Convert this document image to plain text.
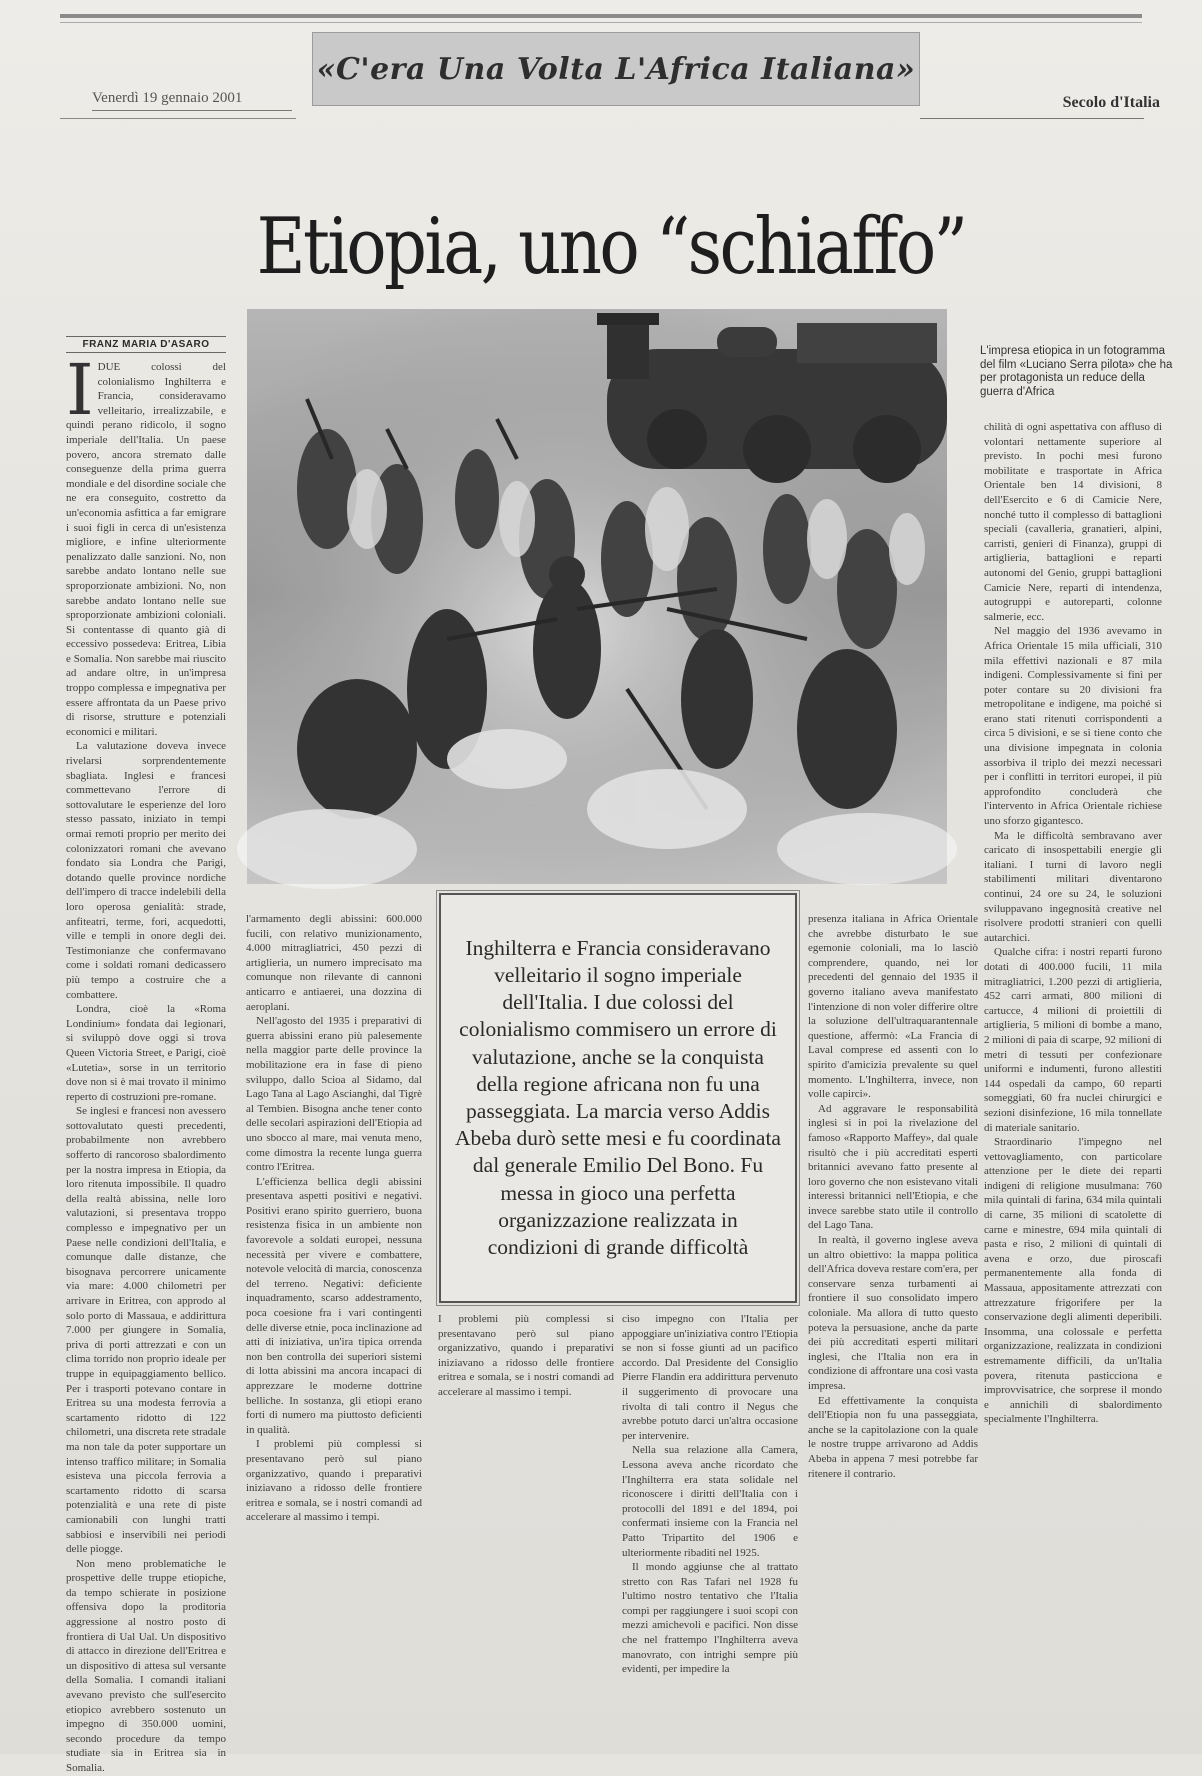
«C'era Una Volta L'Africa Italiana»
Venerdì 19 gennaio 2001	Secolo d'Italia
Etiopia, uno “schiaffo”
FRANZ MARIA D'ASARO
I DUE colossi del colonialismo Inghilterra e Francia, consideravamo velleitario, irrealizzabile, e quindi perano ridicolo, il sogno imperiale dell'Italia. Un paese povero, ancora stremato dalle conseguenze della prima guerra mondiale e del disordine sociale che ne era conseguito, costretto da un'economia asfittica a far emigrare i suoi figli in cerca di un'esistenza migliore, e infine ulteriormente penalizzato dalle sanzioni. No, non sarebbe andato lontano nelle sue sproporzionate ambizioni. No, non sarebbe andato lontano nelle sue sproporzionate ambizioni coloniali. Si contentasse di quanto già di eccessivo possedeva: Eritrea, Libia e Somalia. Non sarebbe mai riuscito ad andare oltre, in un'impresa troppo complessa e impegnativa per essere affrontata da un Paese privo di risorse, strutture e potenziali economici e militari.

La valutazione doveva invece rivelarsi sorprendentemente sbagliata. Inglesi e francesi commettevano l'errore di sottovalutare le esperienze del loro stesso passato, iniziato in tempi ormai remoti proprio per merito dei colonizzatori romani che avevano fondato sia Londra che Parigi, dotando quelle province nordiche dell'impero di tracce indelebili della loro operosa genialità: strade, anfiteatri, terme, fori, acquedotti, ville e templi in onore degli dei. Testimonianze che confermavano come i soldati romani dedicassero più tempo a costruire che a combattere.

Londra, cioè la «Roma Londinium» fondata dai legionari, si sviluppò dove oggi si trova Queen Victoria Street, e Parigi, cioè «Lutetia», sorse in un territorio dove non si è mai trovato il minimo reperto di costruzioni pre-romane.

Se inglesi e francesi non avessero sottovalutato questi precedenti, probabilmente non avrebbero sofferto di rancoroso sbalordimento per la nostra impresa in Etiopia, da loro ritenuta impossibile. Il quadro della realtà abissina, nelle loro valutazioni, si presentava troppo complesso e impegnativo per un Paese nelle condizioni dell'Italia, e comunque dalle distanze, che bisognava percorrere unicamente via mare: 4.000 chilometri per arrivare in Eritrea, con approdo al solo porto di Massaua, e addirittura 7.000 per giungere in Somalia, priva di porti attrezzati e con un clima torrido non proprio ideale per truppe in equipaggiamento bellico. Per i trasporti potevano contare in Eritrea su una modesta ferrovia a scartamento ridotto di 122 chilometri, una discreta rete stradale ma non tale da poter supportare un intenso traffico militare; in Somalia esisteva una piccola ferrovia a scartamento ridotto di scarsa potenzialità e una rete di piste camionabili con lunghi tratti sabbiosi e inservibili nei periodi delle piogge.

Non meno problematiche le prospettive delle truppe etiopiche, da tempo schierate in posizione offensiva dopo la proditoria aggressione al nostro posto di frontiera di Ual Ual. Un dispositivo di attacco in direzione dell'Eritrea e un dispositivo di attesa sul versante della Somalia. I comandi italiani avevano previsto che sull'esercito etiopico avrebbero sostenuto un impegno di 350.000 uomini, secondo procedure da tempo studiate sia in Eritrea sia in Somalia.

L'impresa etiopica in un fotogramma del film «Luciano Serra pilota» che ha per protagonista un reduce della guerra d'Africa

chilità di ogni aspettativa con affluso di volontari nettamente superiore al previsto. In pochi mesi furono mobilitate e trasportate in Africa Orientale ben 14 divisioni, 8 dell'Esercito e 6 di Camicie Nere, nonché tutto il complesso di battaglioni speciali (cavalleria, granatieri, alpini, carristi, genieri di Finanza), gruppi di artiglieria, battaglioni e reparti autonomi del Genio, gruppi battaglioni Camicie Nere, reparti di intendenza, autogruppi e autoreparti, colonne salmerie, ecc.

Nel maggio del 1936 avevamo in Africa Orientale 15 mila ufficiali, 310 mila effettivi nazionali e 87 mila indigeni. Complessivamente si finì per poter contare su 20 divisioni fra metropolitane e indigene, ma poiché si erano stati ritenuti corrispondenti a circa 5 divisioni, e se si tiene conto che una divisione impegnata in colonia assorbiva il triplo dei mezzi necessari per i conflitti in territori europei, il più approfondito concluderà che l'intervento in Africa Orientale richiese uno sforzo gigantesco.

Ma le difficoltà sembravano aver caricato di insospettabili energie gli italiani. I turni di lavoro negli stabilimenti militari diventarono continui, 24 ore su 24, le soluzioni sviluppavano ingegnosità creative nel risolvere prodotti stranieri con quelli autarchici.

Qualche cifra: i nostri reparti furono dotati di 400.000 fucili, 11 mila mitragliatrici, 1.200 pezzi di artiglieria, 452 carri armati, 800 milioni di cartucce, 4 milioni di proiettili di artiglieria, 5 milioni di bombe a mano, 2 milioni di paia di scarpe, 92 milioni di metri di tessuti per confezionare uniformi e indumenti, furono allestiti 144 ospedali da campo, 60 reparti someggiati, 60 fra nuclei chirurgici e sezioni disinfezione, 16 mila tonnellate di materiale sanitario.

Straordinario l'impegno nel vettovagliamento, con particolare attenzione per le diete dei reparti indigeni di religione musulmana: 760 mila quintali di farina, 634 mila quintali di carne, 35 milioni di scatolette di carne e minestre, 694 mila quintali di pasta e riso, 2 milioni di quintali di avena e orzo, due piroscafi permanentemente alla fonda di Massaua, appositamente attrezzati con attrezzature frigorifere per la conservazione degli alimenti deperibili. Insomma, una colossale e perfetta organizzazione, realizzata in condizioni estremamente difficili, da un'Italia povera, ritenuta pasticciona e improvvisatrice, che sorprese il mondo e annichilì di sbalordimento specialmente l'Inghilterra.

Inghilterra e Francia consideravano velleitario il sogno imperiale dell'Italia. I due colossi del colonialismo commisero un errore di valutazione, anche se la conquista della regione africana non fu una passeggiata. La marcia verso Addis Abeba durò sette mesi e fu coordinata dal generale Emilio Del Bono. Fu messa in gioco una perfetta organizzazione realizzata in condizioni di grande difficoltà

l'armamento degli abissini: 600.000 fucili, con relativo munizionamento, 4.000 mitragliatrici, 450 pezzi di artiglieria, un numero imprecisato ma comunque non rilevante di cannoni anticarro e antiaerei, una dozzina di aeroplani.

Nell'agosto del 1935 i preparativi di guerra abissini erano più palesemente nella maggior parte delle province la mobilitazione era in fase di pieno sviluppo, dallo Scioa al Sidamo, dal Lago Tana al Lago Ascianghi, dal Tigrè al Tembien. Bisogna anche tener conto delle secolari aspirazioni dell'Etiopia ad uno sbocco al mare, mai venuta meno, come dimostra la recente lunga guerra contro l'Eritrea.

L'efficienza bellica degli abissini presentava aspetti positivi e negativi. Positivi erano spirito guerriero, buona resistenza fisica in un ambiente non favorevole a soldati europei, nessuna necessità per vivere e combattere, notevole velocità di marcia, conoscenza del terreno. Negativi: deficiente inquadramento, scarso addestramento, poca coesione fra i vari contingenti delle diverse etnie, poca inclinazione ad atti di iniziativa, un'ira tipica orrenda non ben controlla dei superiori sistemi di lotta abissini ma ancora incapaci di apprezzare le moderne dottrine belliche. In sostanza, gli etiopi erano forti di numero ma piuttosto deficienti in qualità.

I problemi più complessi si presentavano però sul piano organizzativo, quando i preparativi iniziavano a ridosso delle frontiere eritrea e somala, se i nostri comandi ad accelerare al massimo i tempi.

I problemi più complessi si presentavano però sul piano organizzativo, quando i preparativi iniziavano a ridosso delle frontiere eritrea e somala, se i nostri comandi ad accelerare al massimo i tempi.

ciso impegno con l'Italia per appoggiare un'iniziativa contro l'Etiopia se non si fosse giunti ad un pacifico accordo. Dal Presidente del Consiglio Pierre Flandin era addirittura pervenuto il suggerimento di provocare una rivolta di tali contro il Negus che avrebbe potuto darci un'altra occasione per intervenire.

Nella sua relazione alla Camera, Lessona aveva anche ricordato che l'Inghilterra era stata solidale nel riconoscere i diritti dell'Italia con i protocolli del 1891 e del 1894, poi confermati insieme con la Francia nel Patto Tripartito del 1906 e ulteriormente ribaditi nel 1925.

Il mondo aggiunse che al trattato stretto con Ras Tafari nel 1928 fu l'ultimo nostro tentativo che l'Italia compì per raggiungere i suoi scopi con mezzi amichevoli e pacifici. Non disse che nel frattempo l'Inghilterra aveva manovrato, con intrighi sempre più evidenti, per impedire la

presenza italiana in Africa Orientale che avrebbe disturbato le sue egemonie coloniali, ma lo lasciò comprendere, quando, nei lor precedenti del gennaio del 1935 il governo italiano aveva manifestato l'intenzione di non voler differire oltre la soluzione dell'ultraquarantennale questione, affermò: «La Francia di Laval comprese ed assentì con lo spirito d'amicizia prevalente su quel momento. L'Inghilterra, invece, non volle capirci».

Ad aggravare le responsabilità inglesi si in poi la rivelazione del famoso «Rapporto Maffey», dal quale risultò che i più accreditati esperti britannici avevano fatto presente al loro governo che non esistevano vitali interessi britannici nell'Etiopia, e che invece sarebbe stato utile il controllo del Lago Tana.

In realtà, il governo inglese aveva un altro obiettivo: la mappa politica dell'Africa doveva restare com'era, per conservare senza turbamenti ai frontiere il suo consolidato impero coloniale. Ma allora di tutto questo poteva la persuasione, anche da parte dei più accreditati esperti militari inglesi, che l'Italia non era in condizione di affrontare una così vasta impresa.

Ed effettivamente la conquista dell'Etiopia non fu una passeggiata, anche se la capitolazione con la quale le nostre truppe arrivarono ad Addis Abeba in appena 7 mesi potrebbe far ritenere il contrario.
